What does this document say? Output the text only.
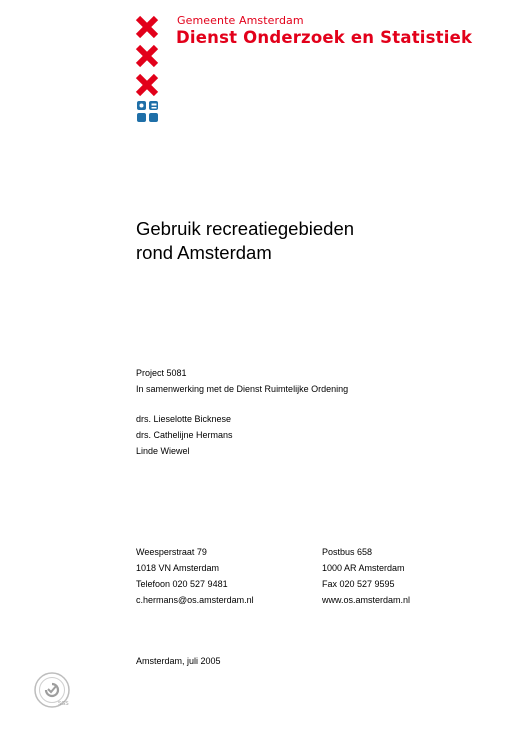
Gemeente Amsterdam
Dienst Onderzoek en Statistiek
Gebruik recreatiegebieden
rond Amsterdam
Project 5081
In samenwerking met de Dienst Ruimtelijke Ordening
drs. Lieselotte Bicknese
drs. Cathelijne Hermans
Linde Wiewel
Weesperstraat 79
1018 VN Amsterdam
Telefoon 020 527 9481
c.hermans@os.amsterdam.nl
Postbus 658
1000 AR Amsterdam
Fax 020 527 9595
www.os.amsterdam.nl
Amsterdam, juli 2005
SGS
